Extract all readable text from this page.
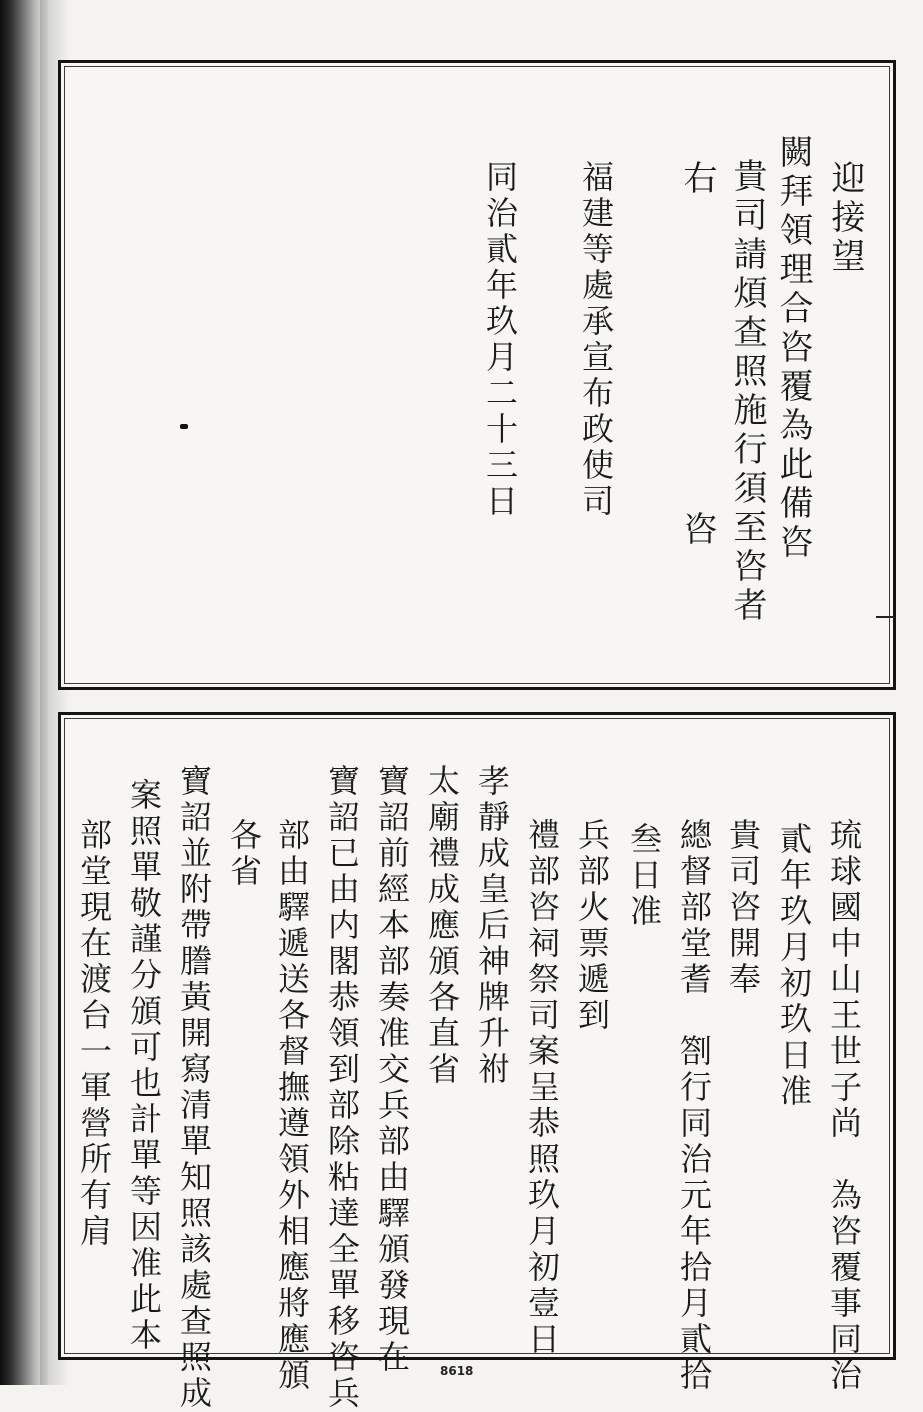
迎接望
闕拜領理合咨覆為此備咨
貴司請煩查照施行須至咨者
右　　　　　　　　咨
福建等處承宣布政使司
同治貳年玖月二十三日
琉球國中山王世子尚　為咨覆事同治
貳年玖月初玖日准
貴司咨開奉
總督部堂耆　劄行同治元年拾月貳拾
叁日准
兵部火票遞到
禮部咨祠祭司案呈恭照玖月初壹日
孝靜成皇后神牌升祔
太廟禮成應頒各直省
寶詔前經本部奏准交兵部由驛頒發現在
寶詔已由内閣恭領到部除粘達全單移咨兵
部由驛遞送各督撫遵領外相應將應頒
各省
寶詔並附帶謄黃開寫清單知照該處查照成
案照單敬謹分頒可也計單等因准此本
部堂現在渡台一軍營所有肩
8618
